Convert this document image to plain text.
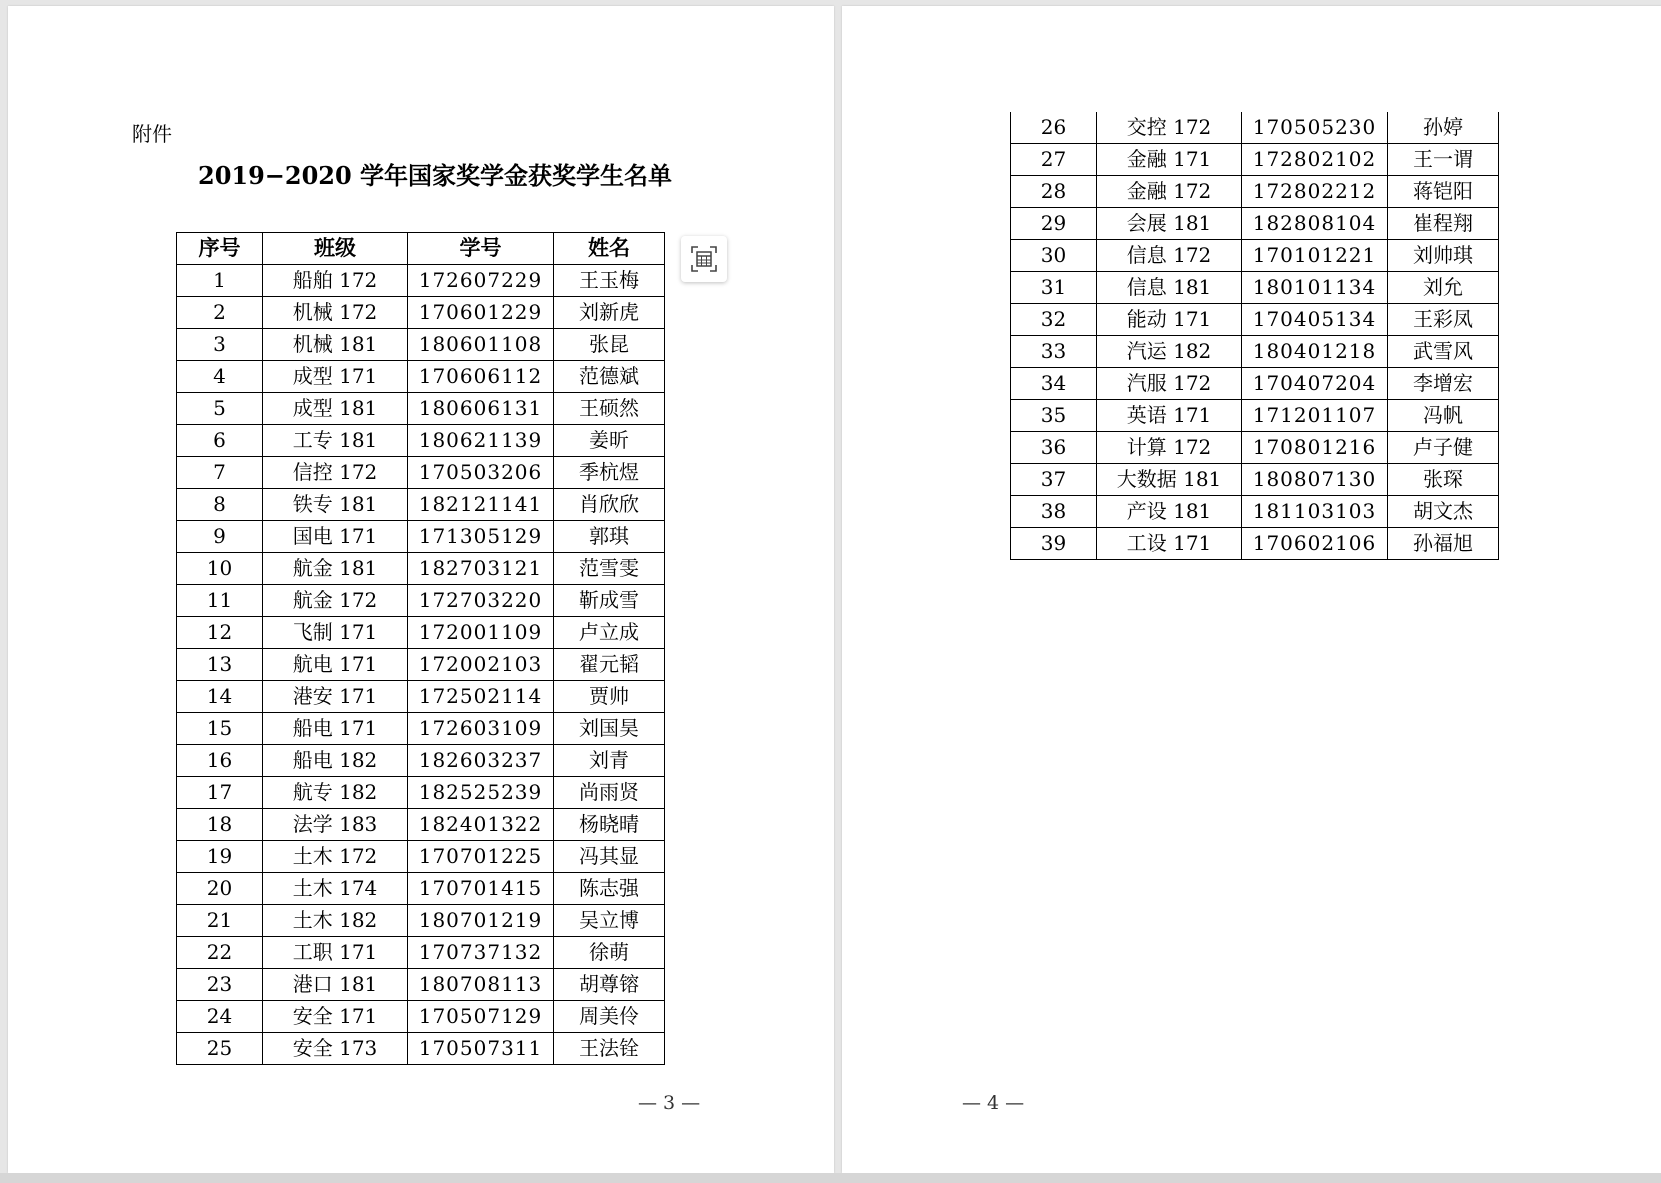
附件
2019−2020 学年国家奖学金获奖学生名单
序号	班级	学号	姓名
1	船舶 172	172607229	王玉梅
2	机械 172	170601229	刘新虎
3	机械 181	180601108	张昆
4	成型 171	170606112	范德斌
5	成型 181	180606131	王硕然
6	工专 181	180621139	姜昕
7	信控 172	170503206	季杭煜
8	铁专 181	182121141	肖欣欣
9	国电 171	171305129	郭琪
10	航金 181	182703121	范雪雯
11	航金 172	172703220	靳成雪
12	飞制 171	172001109	卢立成
13	航电 171	172002103	翟元韬
14	港安 171	172502114	贾帅
15	船电 171	172603109	刘国昊
16	船电 182	182603237	刘青
17	航专 182	182525239	尚雨贤
18	法学 183	182401322	杨晓晴
19	土木 172	170701225	冯其显
20	土木 174	170701415	陈志强
21	土木 182	180701219	吴立博
22	工职 171	170737132	徐萌
23	港口 181	180708113	胡尊镕
24	安全 171	170507129	周美伶
25	安全 173	170507311	王法铨
— 3 —
26	交控 172	170505230	孙婷
27	金融 171	172802102	王一谓
28	金融 172	172802212	蒋铠阳
29	会展 181	182808104	崔程翔
30	信息 172	170101221	刘帅琪
31	信息 181	180101134	刘允
32	能动 171	170405134	王彩凤
33	汽运 182	180401218	武雪风
34	汽服 172	170407204	李增宏
35	英语 171	171201107	冯帆
36	计算 172	170801216	卢子健
37	大数据 181	180807130	张琛
38	产设 181	181103103	胡文杰
39	工设 171	170602106	孙福旭
— 4 —
